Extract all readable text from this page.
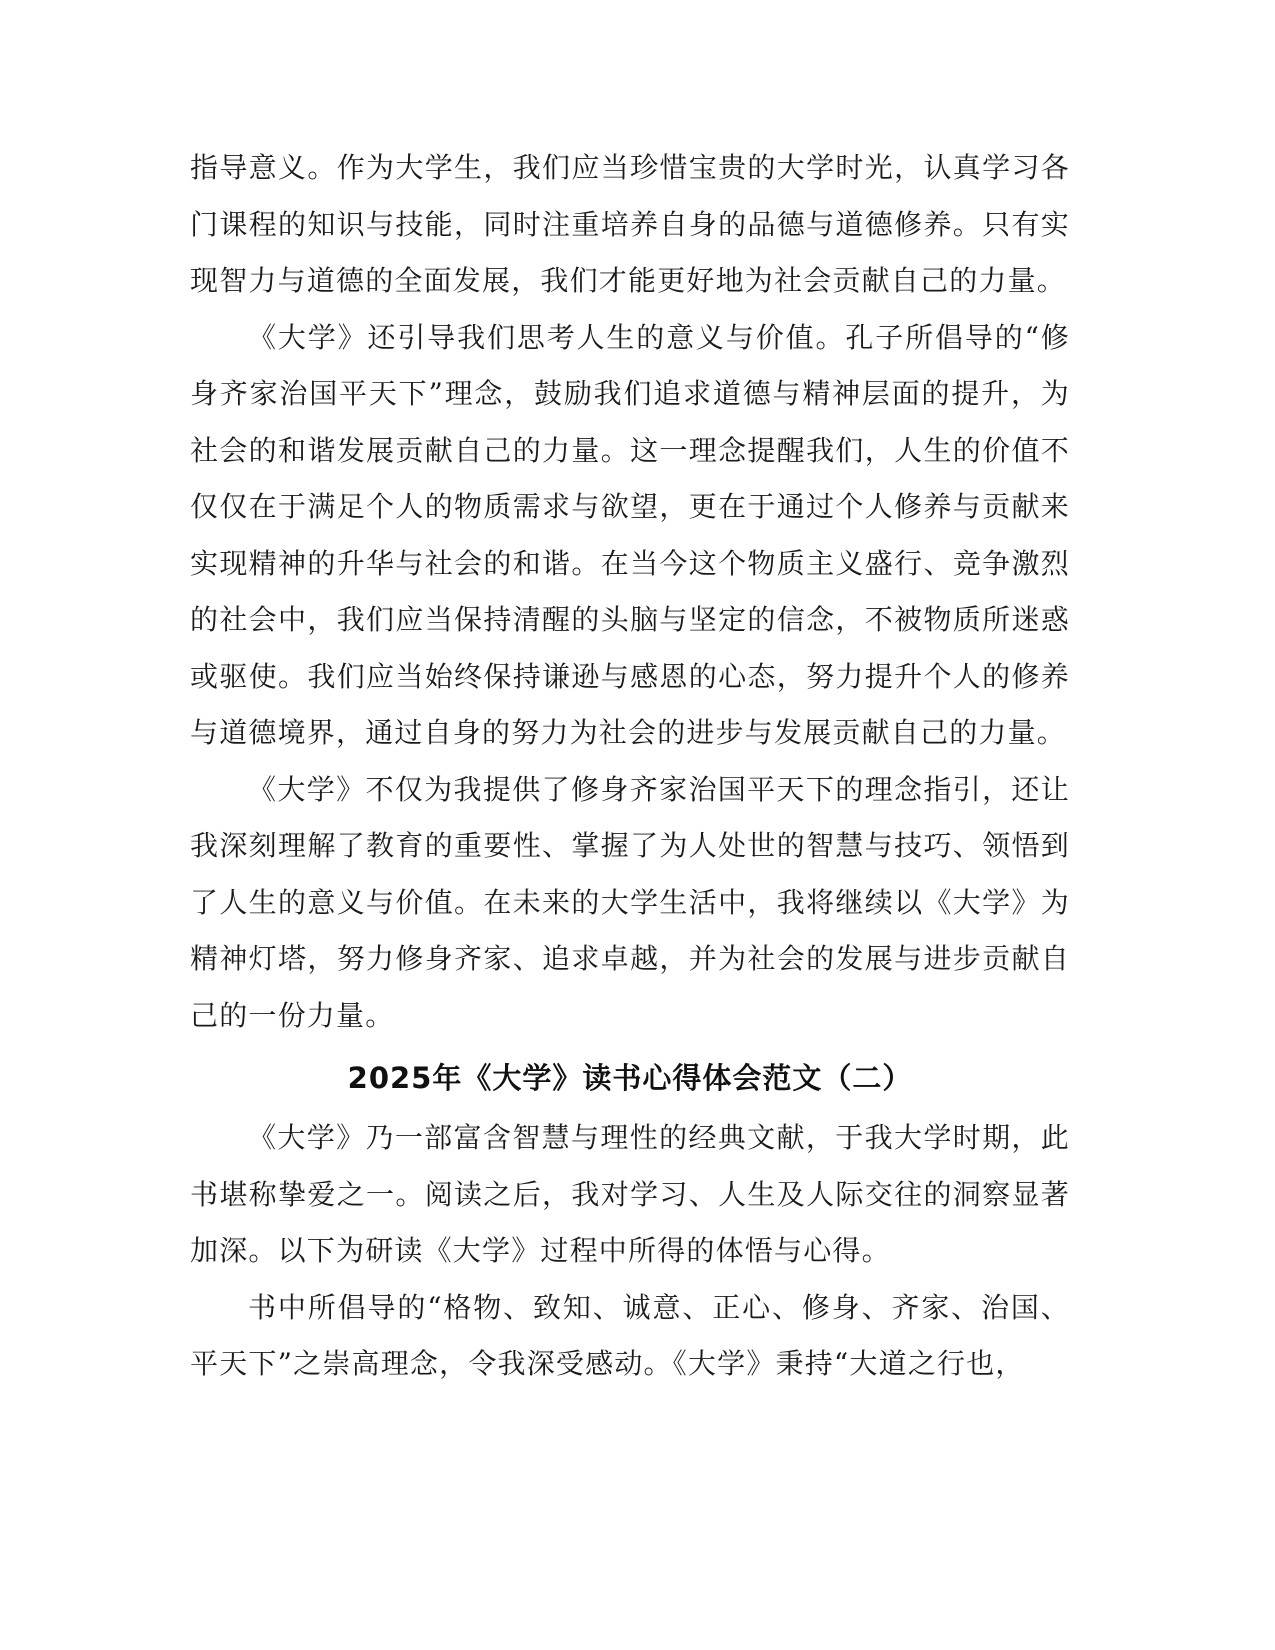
指导意义。作为大学生，我们应当珍惜宝贵的大学时光，认真学习各门课程的知识与技能，同时注重培养自身的品德与道德修养。只有实现智力与道德的全面发展，我们才能更好地为社会贡献自己的力量。

《大学》还引导我们思考人生的意义与价值。孔子所倡导的“修身齐家治国平天下”理念，鼓励我们追求道德与精神层面的提升，为社会的和谐发展贡献自己的力量。这一理念提醒我们，人生的价值不仅仅在于满足个人的物质需求与欲望，更在于通过个人修养与贡献来实现精神的升华与社会的和谐。在当今这个物质主义盛行、竞争激烈的社会中，我们应当保持清醒的头脑与坚定的信念，不被物质所迷惑或驱使。我们应当始终保持谦逊与感恩的心态，努力提升个人的修养与道德境界，通过自身的努力为社会的进步与发展贡献自己的力量。

《大学》不仅为我提供了修身齐家治国平天下的理念指引，还让我深刻理解了教育的重要性、掌握了为人处世的智慧与技巧、领悟到了人生的意义与价值。在未来的大学生活中，我将继续以《大学》为精神灯塔，努力修身齐家、追求卓越，并为社会的发展与进步贡献自己的一份力量。

2025年《大学》读书心得体会范文（二）

《大学》乃一部富含智慧与理性的经典文献，于我大学时期，此书堪称挚爱之一。阅读之后，我对学习、人生及人际交往的洞察显著加深。以下为研读《大学》过程中所得的体悟与心得。

书中所倡导的“格物、致知、诚意、正心、修身、齐家、治国、平天下”之崇高理念，令我深受感动。《大学》秉持“大道之行也，
